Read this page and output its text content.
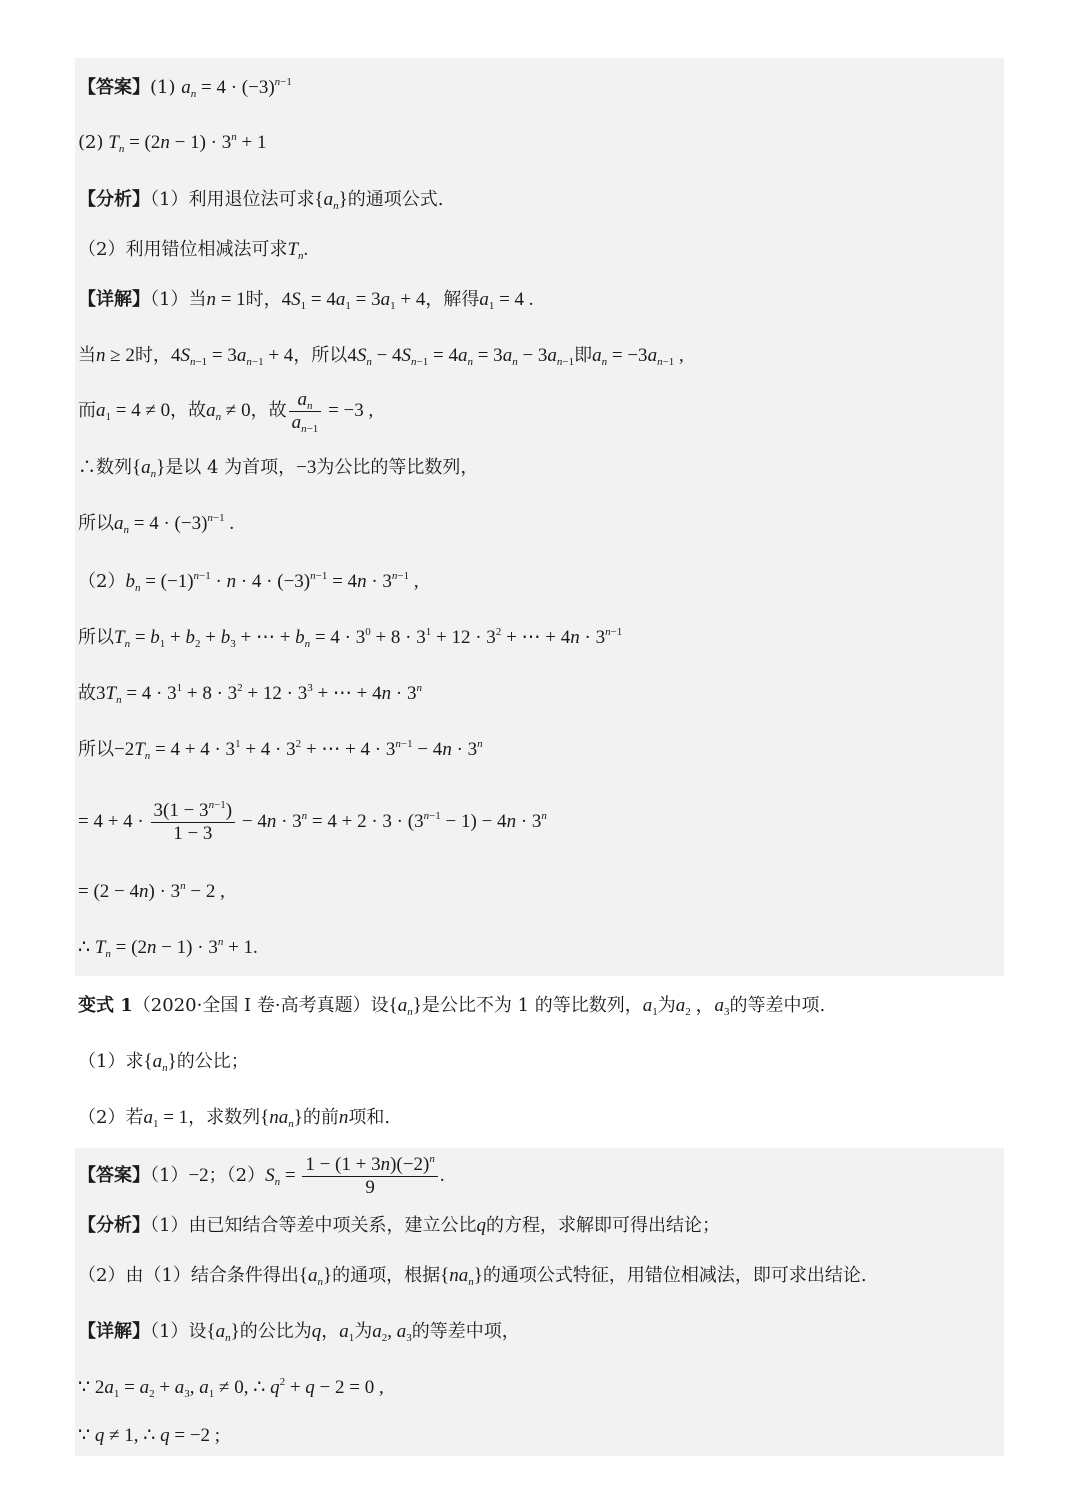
【答案】(1) $a_n = 4 \cdot (-3)^{n-1}$
(2) $T_n = (2n - 1) \cdot 3^n + 1$
【分析】（1）利用退位法可求$\{a_n\}$的通项公式.
（2）利用错位相减法可求$T_n$.
【详解】（1）当n = 1时，$4S_1 = 4a_1 = 3a_1 + 4$，解得$a_1 = 4$ .
当n ≥ 2时，$4S_{n-1} = 3a_{n-1} + 4$，所以$4S_n - 4S_{n-1} = 4a_n = 3a_n - 3a_{n-1}$即$a_n = -3a_{n-1}$ ,
而$a_1 = 4 \ne 0$，故$a_n \ne 0$，故 $\frac{a_n}{a_{n-1}} = -3$ ,
∴数列$\{a_n\}$是以 4 为首项，−3为公比的等比数列，
所以$a_n = 4 \cdot (-3)^{n-1}$ .
$(2)b_n = (-1)^{n-1} \cdot n \cdot 4 \cdot (-3)^{n-1} = 4n \cdot 3^{n-1}$ ,
所以$T_n = b_1 + b_2 + b_3$ + ⋯ + $b_n = 4 \cdot 3^0 + 8 \cdot 3^1 + 12 \cdot 3^2$ + ⋯ + $4n \cdot 3^{n-1}$
故$3T_n = 4 \cdot 3^1 + 8 \cdot 3^2 + 12 \cdot 3^3$ + ⋯ + $4n \cdot 3^n$
所以$-2T_n = 4 + 4 \cdot 3^1 + 4 \cdot 3^2$ + ⋯ + $4 \cdot 3^{n-1} - 4n \cdot 3^n$
= $4 + 4 \cdot \frac{3(1 - 3^{n-1})}{1 - 3} - 4n \cdot 3^n = 4 + 2 \cdot 3 \cdot (3^{n-1} - 1) - 4n \cdot 3^n$
= $(2 - 4n) \cdot 3^n - 2$ ,
∴ $T_n = (2n - 1) \cdot 3^n + 1$.
变式 1（2020·全国 I 卷·高考真题）设$\{a_n\}$是公比不为 1 的等比数列，$a_1$为$a_2$ ，$a_3$的等差中项.
（1）求$\{a_n\}$的公比；
（2）若$a_1 = 1$，求数列$\{na_n\}$的前n项和.
【答案】（1）−2；$(2)S_n = \frac{1 - (1 + 3n)(-2)^n}{9}$ .
【分析】（1）由已知结合等差中项关系，建立公比q的方程，求解即可得出结论；
（2）由（1）结合条件得出$\{a_n\}$的通项，根据$\{na_n\}$的通项公式特征，用错位相减法，即可求出结论.
【详解】（1）设$\{a_n\}$的公比为q，$a_1$为$a_2$, $a_3$的等差中项，
∵ $2a_1 = a_2 + a_3$, $a_1 \ne 0$, ∴ $q^2 + q - 2 = 0$ ,
∵ q ≠ 1, ∴ q = −2 ;
